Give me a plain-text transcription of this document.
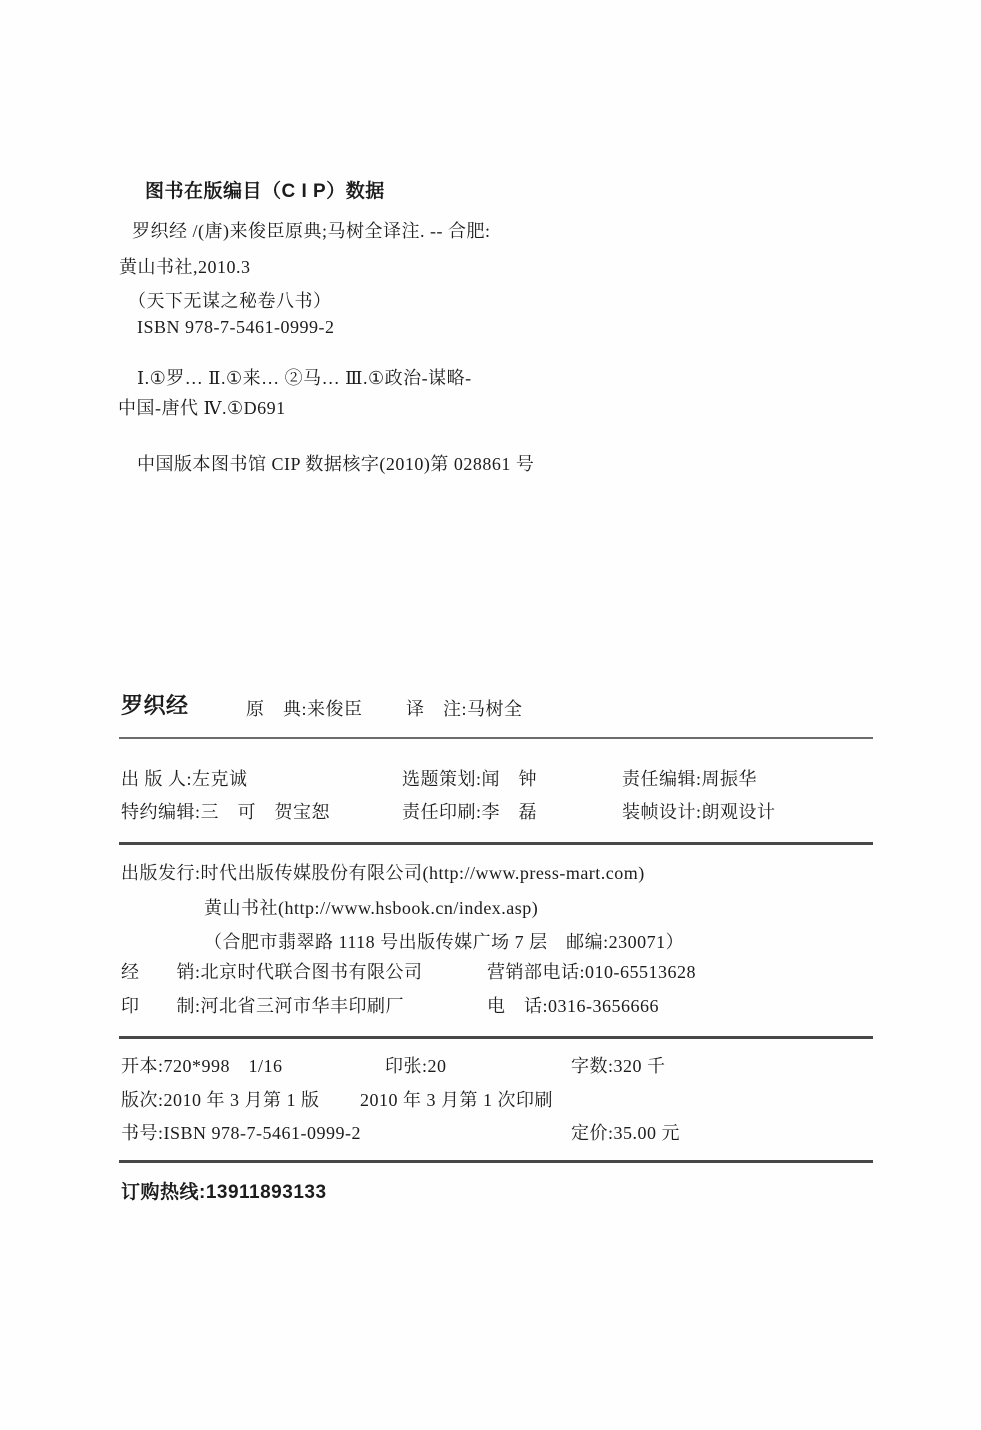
图书在版编目（C I P）数据
罗织经 /(唐)来俊臣原典;马树全译注. -- 合肥:
黄山书社,2010.3
（天下无谋之秘卷八书）
ISBN 978-7-5461-0999-2
Ⅰ.①罗… Ⅱ.①来… ②马… Ⅲ.①政治-谋略-
中国-唐代 Ⅳ.①D691
中国版本图书馆 CIP 数据核字(2010)第 028861 号
罗织经	原　典:来俊臣 译　注:马树全
出 版 人:左克诚	选题策划:闻　钟	责任编辑:周振华
特约编辑:三　可　贺宝恕	责任印刷:李　磊	装帧设计:朗观设计
出版发行:时代出版传媒股份有限公司(http://www.press-mart.com)
黄山书社(http://www.hsbook.cn/index.asp)
（合肥市翡翠路 1118 号出版传媒广场 7 层　邮编:230071）
经　　销:北京时代联合图书有限公司	营销部电话:010-65513628
印　　制:河北省三河市华丰印刷厂	电　话:0316-3656666
开本:720*998　1/16	印张:20	字数:320 千
版次:2010 年 3 月第 1 版 2010 年 3 月第 1 次印刷
书号:ISBN 978-7-5461-0999-2	定价:35.00 元
订购热线:13911893133
